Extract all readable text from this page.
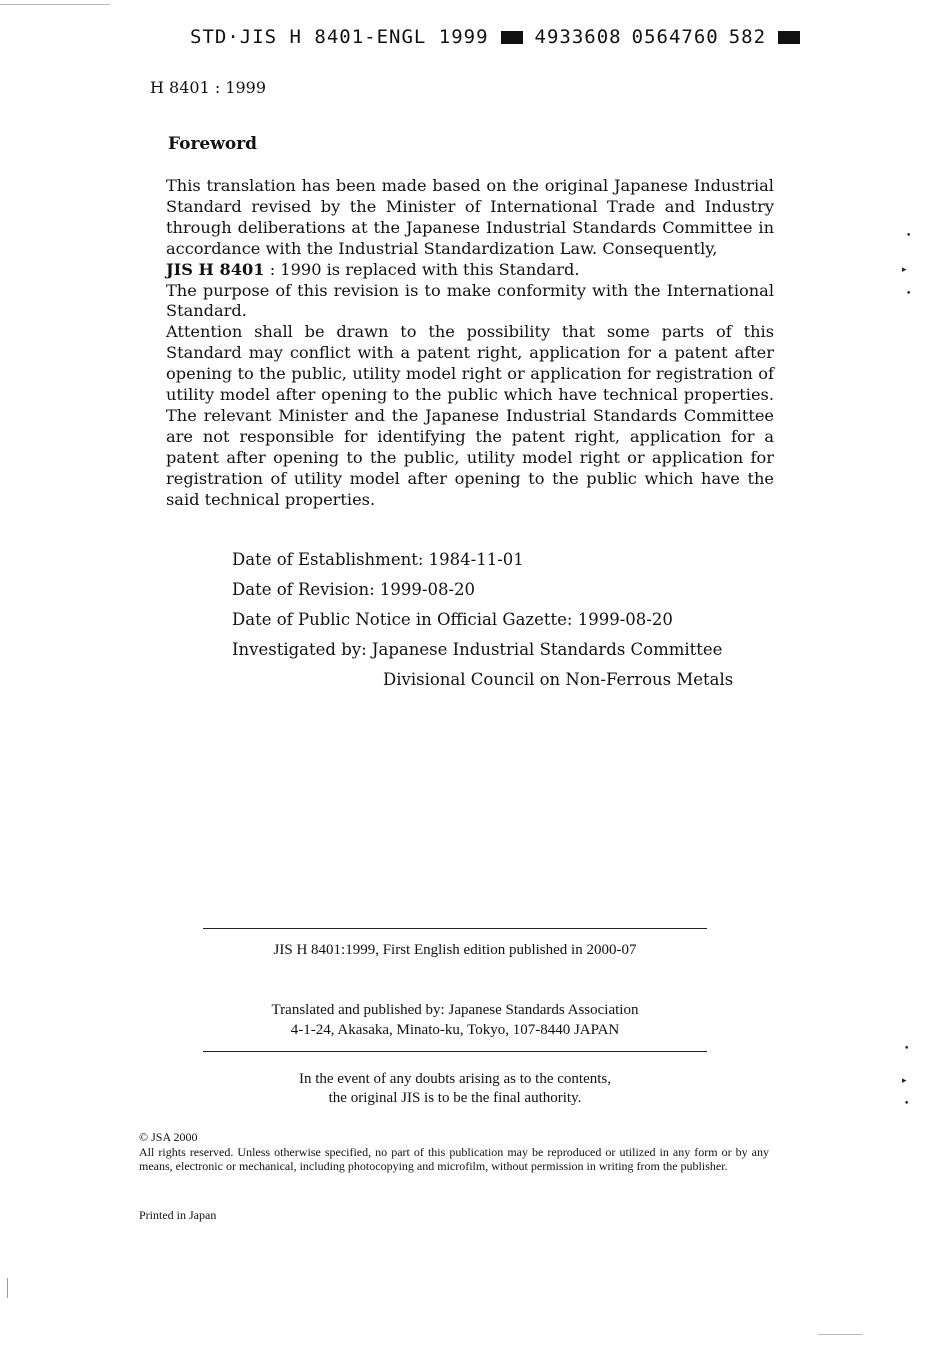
•
▸
•
•
▸
•
STD·JIS H 8401-ENGL 1999 4933608 0564760 582
H 8401 : 1999
Foreword

This translation has been made based on the original Japanese Industrial Standard revised by the Minister of International Trade and Industry through deliberations at the Japanese Industrial Standards Committee in accordance with the Industrial Standardization Law. Consequently,
JIS H 8401 : 1990 is replaced with this Standard.

The purpose of this revision is to make conformity with the International Standard.

Attention shall be drawn to the possibility that some parts of this Standard may conflict with a patent right, application for a patent after opening to the public, utility model right or application for registration of utility model after opening to the public which have technical properties. The relevant Minister and the Japanese Industrial Standards Committee are not responsible for identifying the patent right, application for a patent after opening to the public, utility model right or application for registration of utility model after opening to the public which have the said technical properties.

Date of Establishment: 1984-11-01
Date of Revision: 1999-08-20
Date of Public Notice in Official Gazette: 1999-08-20
Investigated by: Japanese Industrial Standards Committee
Divisional Council on Non-Ferrous Metals
JIS H 8401:1999, First English edition published in 2000-07
Translated and published by: Japanese Standards Association
4-1-24, Akasaka, Minato-ku, Tokyo, 107-8440 JAPAN
In the event of any doubts arising as to the contents,
the original JIS is to be the final authority.

© JSA 2000

All rights reserved. Unless otherwise specified, no part of this publication may be reproduced or utilized in any form or by any means, electronic or mechanical, including photocopying and microfilm, without permission in writing from the publisher.

Printed in Japan
